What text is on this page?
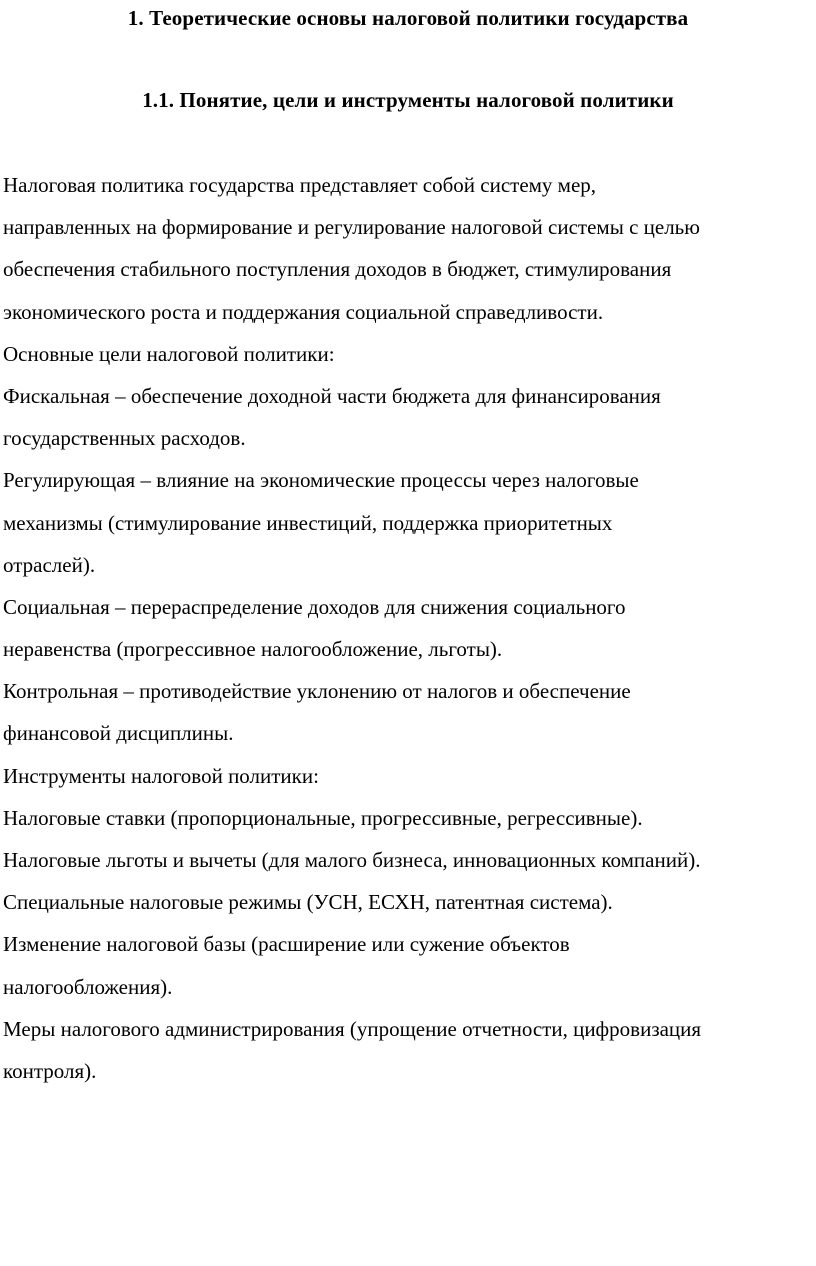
1. Теоретические основы налоговой политики государства
1.1. Понятие, цели и инструменты налоговой политики
Налоговая политика государства представляет собой систему мер,
направленных на формирование и регулирование налоговой системы с целью
обеспечения стабильного поступления доходов в бюджет, стимулирования
экономического роста и поддержания социальной справедливости.
Основные цели налоговой политики:
Фискальная – обеспечение доходной части бюджета для финансирования
государственных расходов.
Регулирующая – влияние на экономические процессы через налоговые
механизмы (стимулирование инвестиций, поддержка приоритетных
отраслей).
Социальная – перераспределение доходов для снижения социального
неравенства (прогрессивное налогообложение, льготы).
Контрольная – противодействие уклонению от налогов и обеспечение
финансовой дисциплины.
Инструменты налоговой политики:
Налоговые ставки (пропорциональные, прогрессивные, регрессивные).
Налоговые льготы и вычеты (для малого бизнеса, инновационных компаний).
Специальные налоговые режимы (УСН, ЕСХН, патентная система).
Изменение налоговой базы (расширение или сужение объектов
налогообложения).
Меры налогового администрирования (упрощение отчетности, цифровизация
контроля).
